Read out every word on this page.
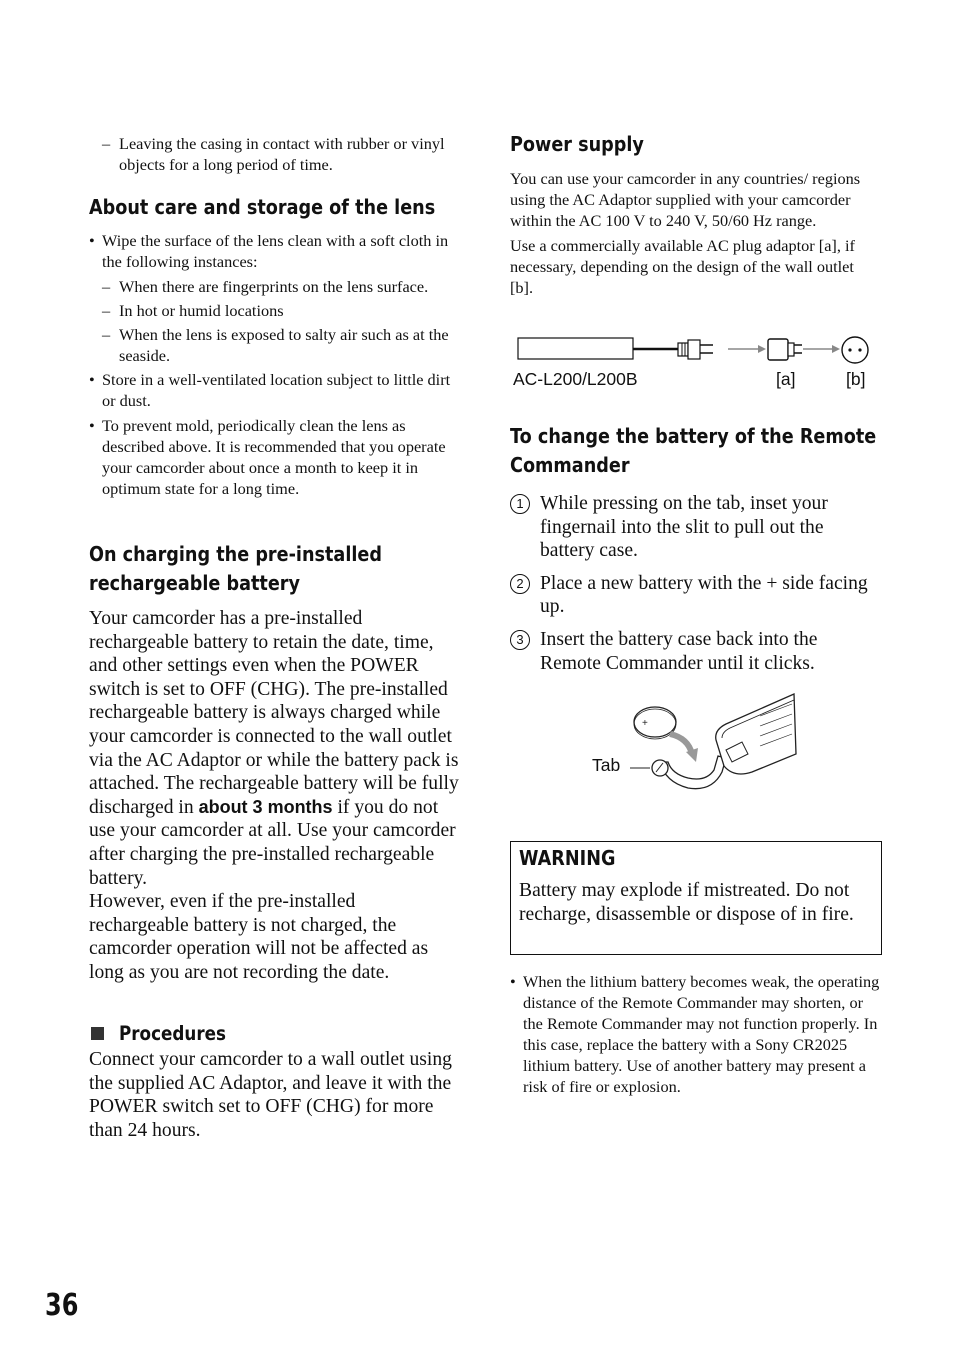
– Leaving the casing in contact with rubber or vinyl objects for a long period of time.
About care and storage of the lens
• Wipe the surface of the lens clean with a soft cloth in the following instances:
– When there are fingerprints on the lens surface.
– In hot or humid locations
– When the lens is exposed to salty air such as at the seaside.
• Store in a well-ventilated location subject to little dirt or dust.
• To prevent mold, periodically clean the lens as described above. It is recommended that you operate your camcorder about once a month to keep it in optimum state for a long time.
On charging the pre-installed
rechargeable battery
Your camcorder has a pre-installed rechargeable battery to retain the date, time, and other settings even when the POWER switch is set to OFF (CHG). The pre-installed rechargeable battery is always charged while your camcorder is connected to the wall outlet via the AC Adaptor or while the battery pack is attached. The rechargeable battery will be fully discharged in about 3 months if you do not use your camcorder at all. Use your camcorder after charging the pre-installed rechargeable battery.
However, even if the pre-installed rechargeable battery is not charged, the camcorder operation will not be affected as long as you are not recording the date.
Procedures
Connect your camcorder to a wall outlet using the supplied AC Adaptor, and leave it with the POWER switch set to OFF (CHG) for more than 24 hours.
Power supply
You can use your camcorder in any countries/ regions using the AC Adaptor supplied with your camcorder within the AC 100 V to 240 V, 50/60 Hz range.
Use a commercially available AC plug adaptor [a], if necessary, depending on the design of the wall outlet [b].
AC-L200/L200B	[a]	[b]
To change the battery of the Remote
Commander
1 While pressing on the tab, inset your fingernail into the slit to pull out the battery case.
2 Place a new battery with the + side facing up.
3 Insert the battery case back into the Remote Commander until it clicks.
+
Tab
WARNING
Battery may explode if mistreated. Do not recharge, disassemble or dispose of in fire.
• When the lithium battery becomes weak, the operating distance of the Remote Commander may shorten, or the Remote Commander may not function properly. In this case, replace the battery with a Sony CR2025 lithium battery. Use of another battery may present a risk of fire or explosion.
36
